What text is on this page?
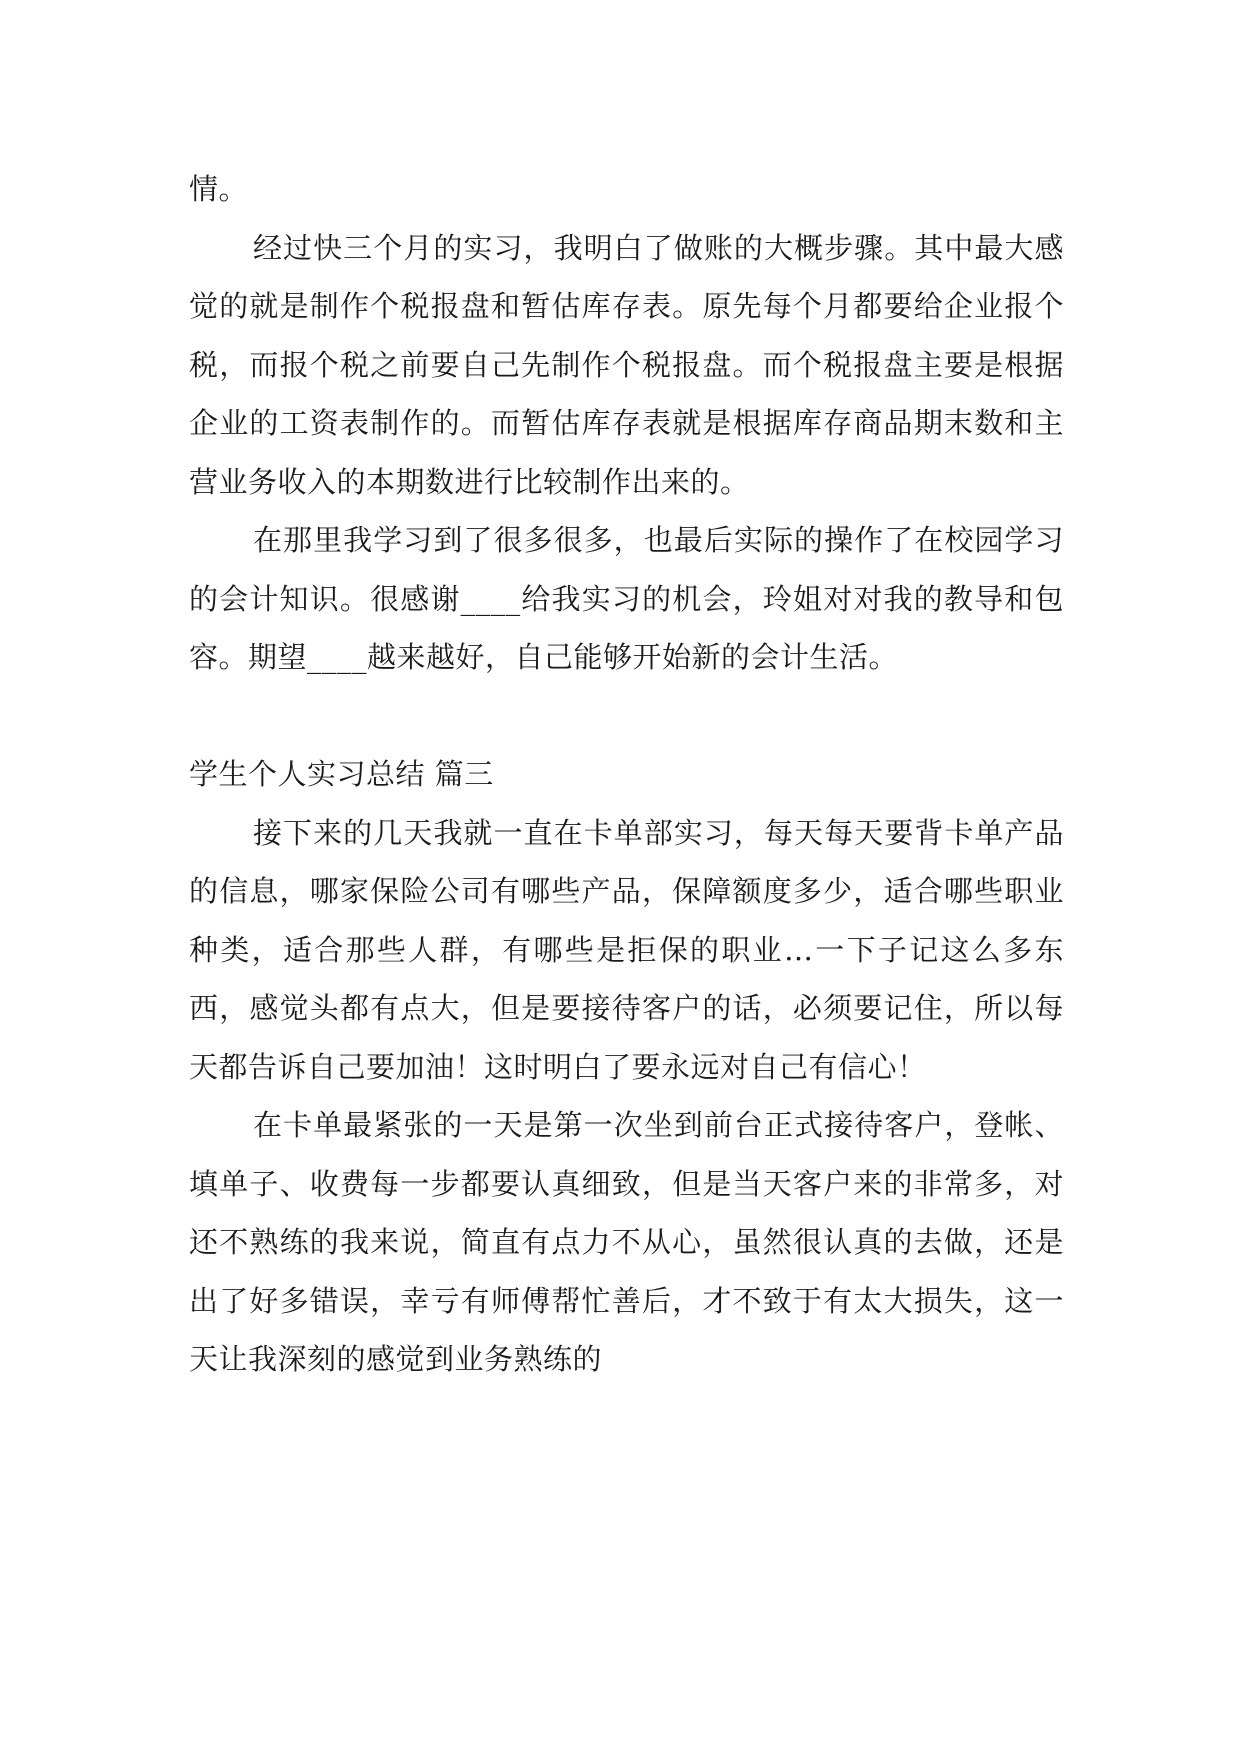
情。

经过快三个月的实习，我明白了做账的大概步骤。其中最大感觉的就是制作个税报盘和暂估库存表。原先每个月都要给企业报个税，而报个税之前要自己先制作个税报盘。而个税报盘主要是根据企业的工资表制作的。而暂估库存表就是根据库存商品期末数和主营业务收入的本期数进行比较制作出来的。

在那里我学习到了很多很多，也最后实际的操作了在校园学习的会计知识。很感谢____给我实习的机会，玲姐对对我的教导和包容。期望____越来越好，自己能够开始新的会计生活。

学生个人实习总结 篇三

接下来的几天我就一直在卡单部实习，每天每天要背卡单产品的信息，哪家保险公司有哪些产品，保障额度多少，适合哪些职业种类，适合那些人群，有哪些是拒保的职业…一下子记这么多东西，感觉头都有点大，但是要接待客户的话，必须要记住，所以每天都告诉自己要加油！这时明白了要永远对自己有信心！

在卡单最紧张的一天是第一次坐到前台正式接待客户，登帐、填单子、收费每一步都要认真细致，但是当天客户来的非常多，对还不熟练的我来说，简直有点力不从心，虽然很认真的去做，还是出了好多错误，幸亏有师傅帮忙善后，才不致于有太大损失，这一天让我深刻的感觉到业务熟练的
